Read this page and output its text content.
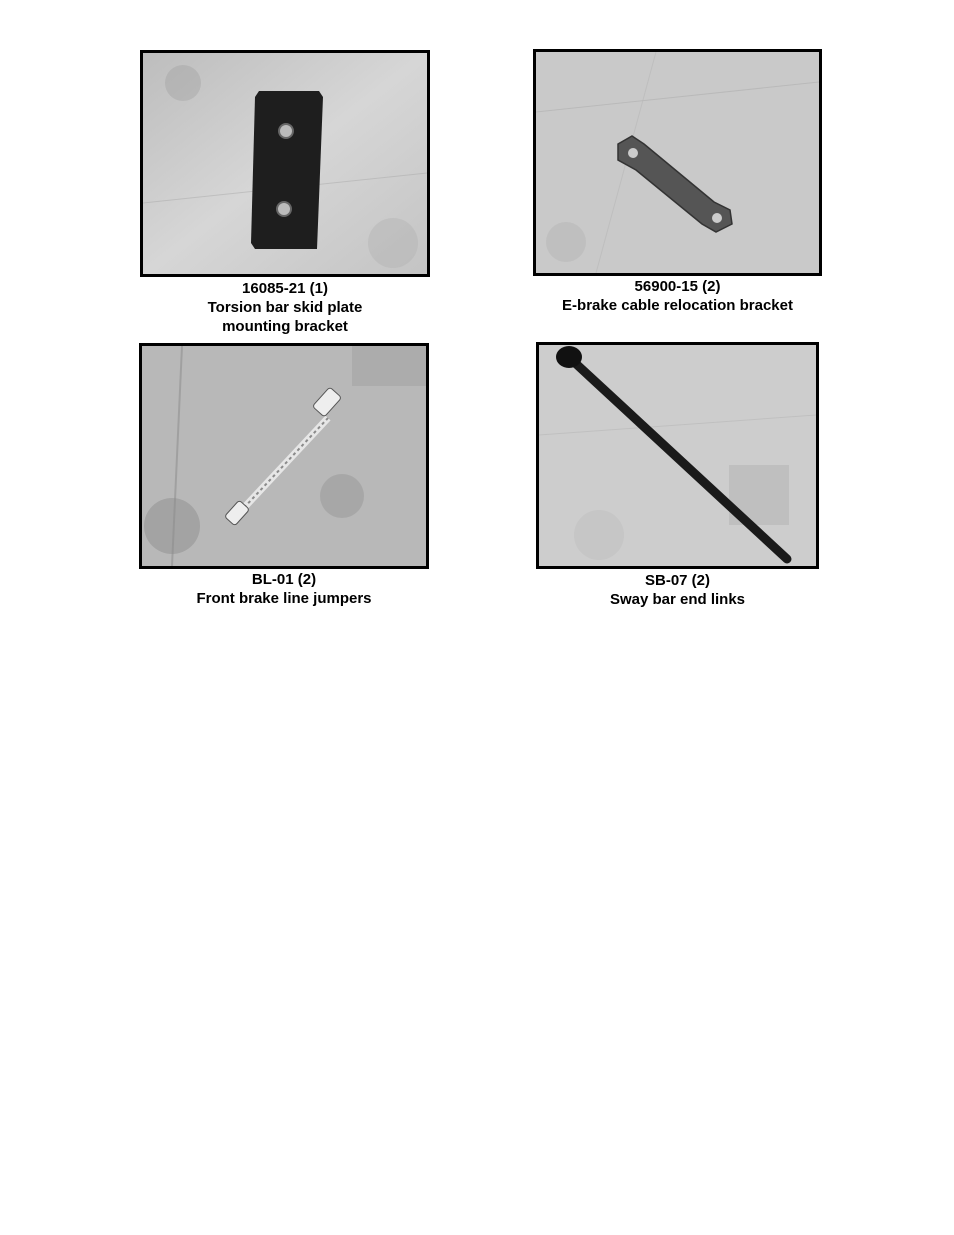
16085-21 (1)
Torsion bar skid plate
mounting bracket
56900-15 (2)
E-brake cable relocation bracket
BL-01 (2)
Front brake line jumpers
SB-07 (2)
Sway bar end links
